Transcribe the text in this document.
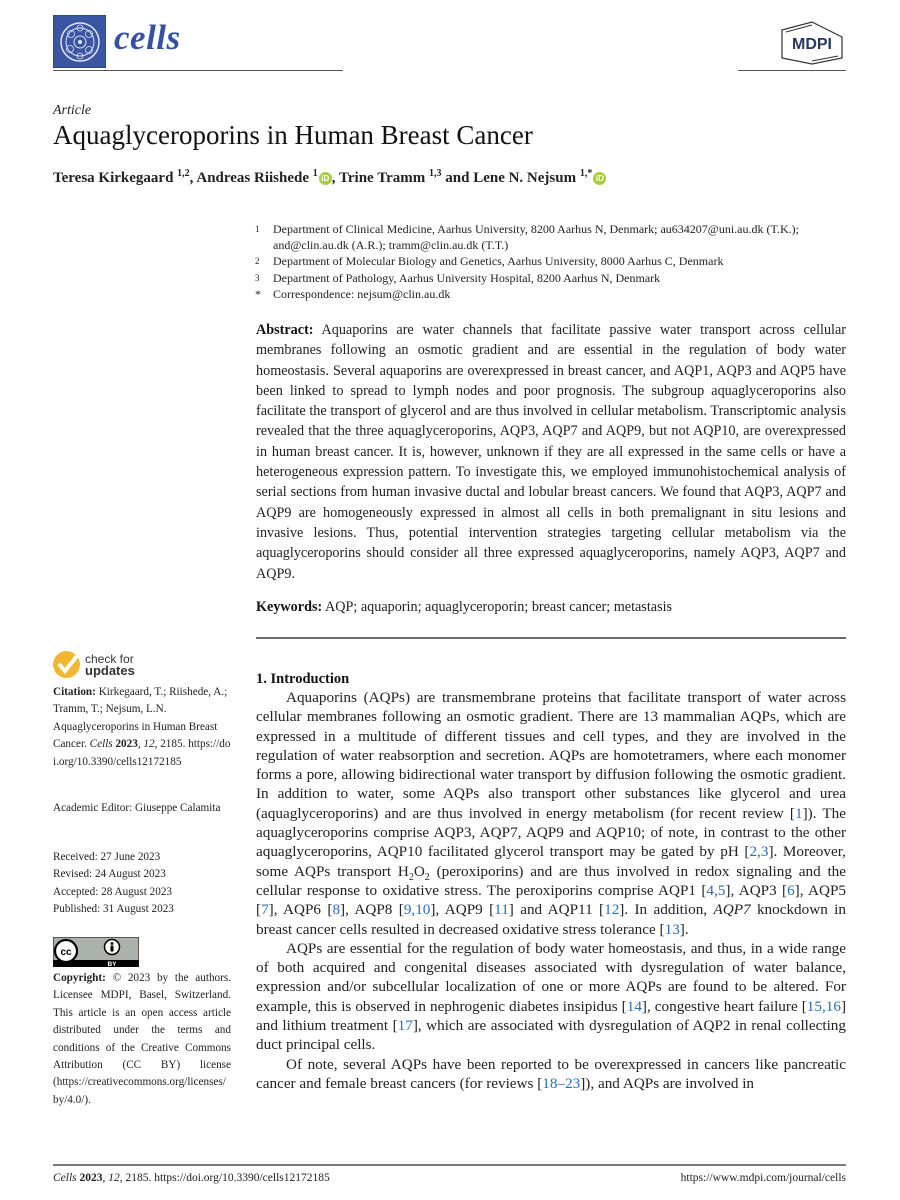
cells	MDPI
Article
Aquaglyceroporins in Human Breast Cancer
Teresa Kirkegaard $^{1,2}$, Andreas Riishede $^1$ iD , Trine Tramm $^{1,3}$ and Lene N. Nejsum $^{1,*}$ iD
1	Department of Clinical Medicine, Aarhus University, 8200 Aarhus N, Denmark; au634207@uni.au.dk (T.K.); and@clin.au.dk (A.R.); tramm@clin.au.dk (T.T.)
2	Department of Molecular Biology and Genetics, Aarhus University, 8000 Aarhus C, Denmark
3	Department of Pathology, Aarhus University Hospital, 8200 Aarhus N, Denmark
*	Correspondence: nejsum@clin.au.dk
Abstract: Aquaporins are water channels that facilitate passive water transport across cellular membranes following an osmotic gradient and are essential in the regulation of body water homeostasis. Several aquaporins are overexpressed in breast cancer, and AQP1, AQP3 and AQP5 have been linked to spread to lymph nodes and poor prognosis. The subgroup aquaglyceroporins also facilitate the transport of glycerol and are thus involved in cellular metabolism. Transcriptomic analysis revealed that the three aquaglyceroporins, AQP3, AQP7 and AQP9, but not AQP10, are overexpressed in human breast cancer. It is, however, unknown if they are all expressed in the same cells or have a heterogeneous expression pattern. To investigate this, we employed immunohistochemical analysis of serial sections from human invasive ductal and lobular breast cancers. We found that AQP3, AQP7 and AQP9 are homogeneously expressed in almost all cells in both premalignant in situ lesions and invasive lesions. Thus, potential intervention strategies targeting cellular metabolism via the aquaglyceroporins should consider all three expressed aquaglyceroporins, namely AQP3, AQP7 and AQP9.
Keywords: AQP; aquaporin; aquaglyceroporin; breast cancer; metastasis
check for
updates
Citation: Kirkegaard, T.; Riishede, A.; Tramm, T.; Nejsum, L.N. Aquaglyceroporins in Human Breast Cancer. Cells 2023, 12, 2185. https://doi.org/10.3390/cells12172185
Academic Editor: Giuseppe Calamita
Received: 27 June 2023
Revised: 24 August 2023
Accepted: 28 August 2023
Published: 31 August 2023
cc
BY
Copyright: © 2023 by the authors. Licensee MDPI, Basel, Switzerland. This article is an open access article distributed under the terms and conditions of the Creative Commons Attribution (CC BY) license (https://creativecommons.org/licenses/by/4.0/).
1. Introduction

Aquaporins (AQPs) are transmembrane proteins that facilitate transport of water across cellular membranes following an osmotic gradient. There are 13 mammalian AQPs, which are expressed in a multitude of different tissues and cell types, and they are involved in the regulation of water reabsorption and secretion. AQPs are homotetramers, where each monomer forms a pore, allowing bidirectional water transport by diffusion following the osmotic gradient. In addition to water, some AQPs also transport other substances like glycerol and urea (aquaglyceroporins) and are thus involved in energy metabolism (for recent review [1]). The aquaglyceroporins comprise AQP3, AQP7, AQP9 and AQP10; of note, in contrast to the other aquaglyceroporins, AQP10 facilitated glycerol transport may be gated by pH [2,3]. Moreover, some AQPs transport $H_2O_2$ (peroxiporins) and are thus involved in redox signaling and the cellular response to oxidative stress. The peroxiporins comprise AQP1 [4,5], AQP3 [6], AQP5 [7], AQP6 [8], AQP8 [9,10], AQP9 [11] and AQP11 [12]. In addition, AQP7 knockdown in breast cancer cells resulted in decreased oxidative stress tolerance [13].

AQPs are essential for the regulation of body water homeostasis, and thus, in a wide range of both acquired and congenital diseases associated with dysregulation of water balance, expression and/or subcellular localization of one or more AQPs are found to be altered. For example, this is observed in nephrogenic diabetes insipidus [14], congestive heart failure [15,16] and lithium treatment [17], which are associated with dysregulation of AQP2 in renal collecting duct principal cells.

Of note, several AQPs have been reported to be overexpressed in cancers like pancreatic cancer and female breast cancers (for reviews [18–23]), and AQPs are involved in

Cells 2023, 12, 2185. https://doi.org/10.3390/cells12172185	https://www.mdpi.com/journal/cells
